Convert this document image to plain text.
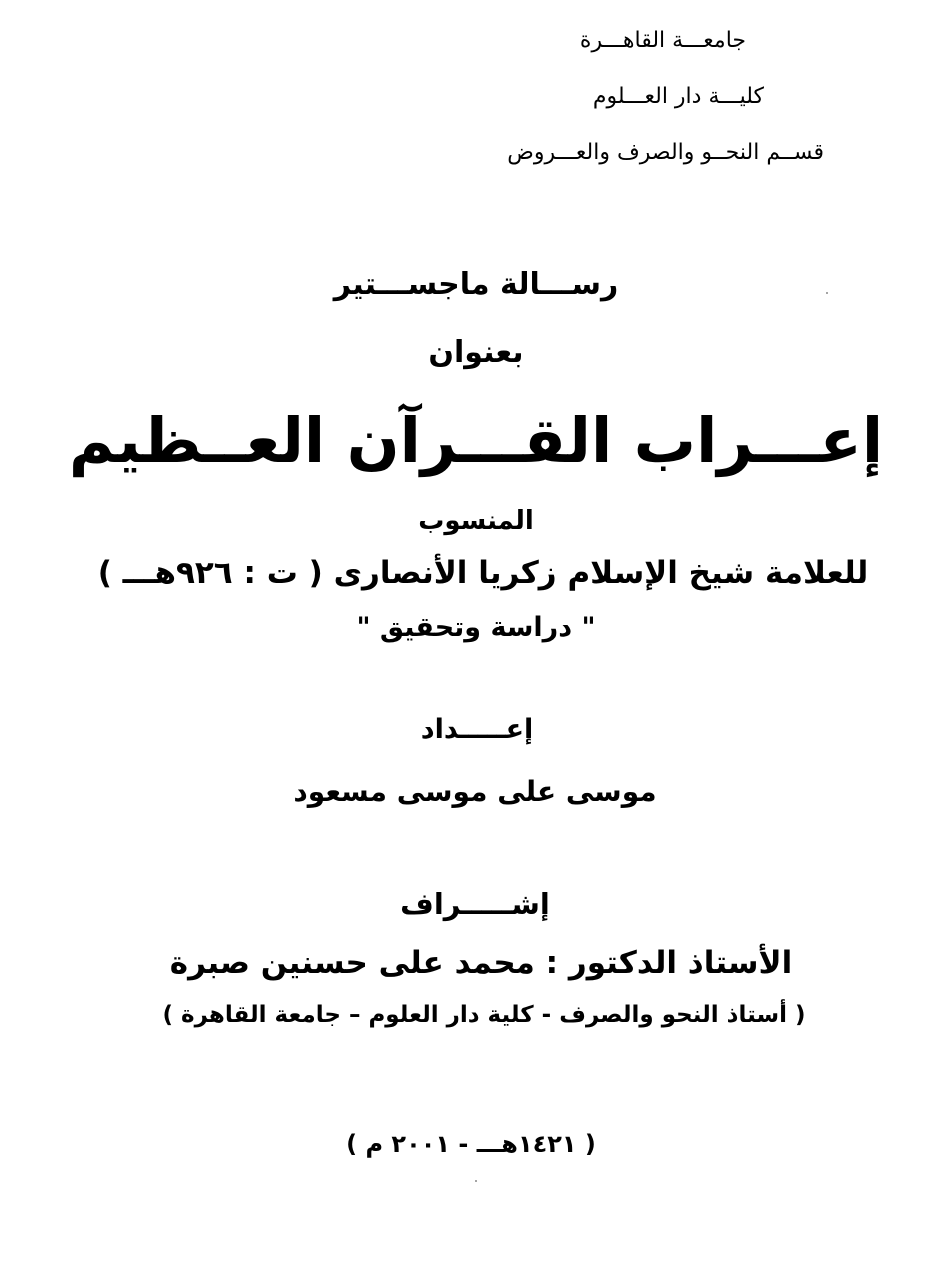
جامعـــة القاهـــرة
كليـــة دار العـــلوم
قســم النحــو والصرف والعـــروض
رســـالة ماجســـتير
بعنوان
إعـــراب القـــرآن العــظيم
المنسوب
للعلامة شيخ الإسلام زكريا الأنصارى ( ت : ٩٢٦هـــ )
" دراسة وتحقيق "
إعـــــداد
موسى على موسى مسعود
إشـــــراف
الأستاذ الدكتور : محمد على حسنين صبرة
( أستاذ النحو والصرف - كلية دار العلوم – جامعة القاهرة )
( ١٤٢١هـــ - ٢٠٠١ م )
